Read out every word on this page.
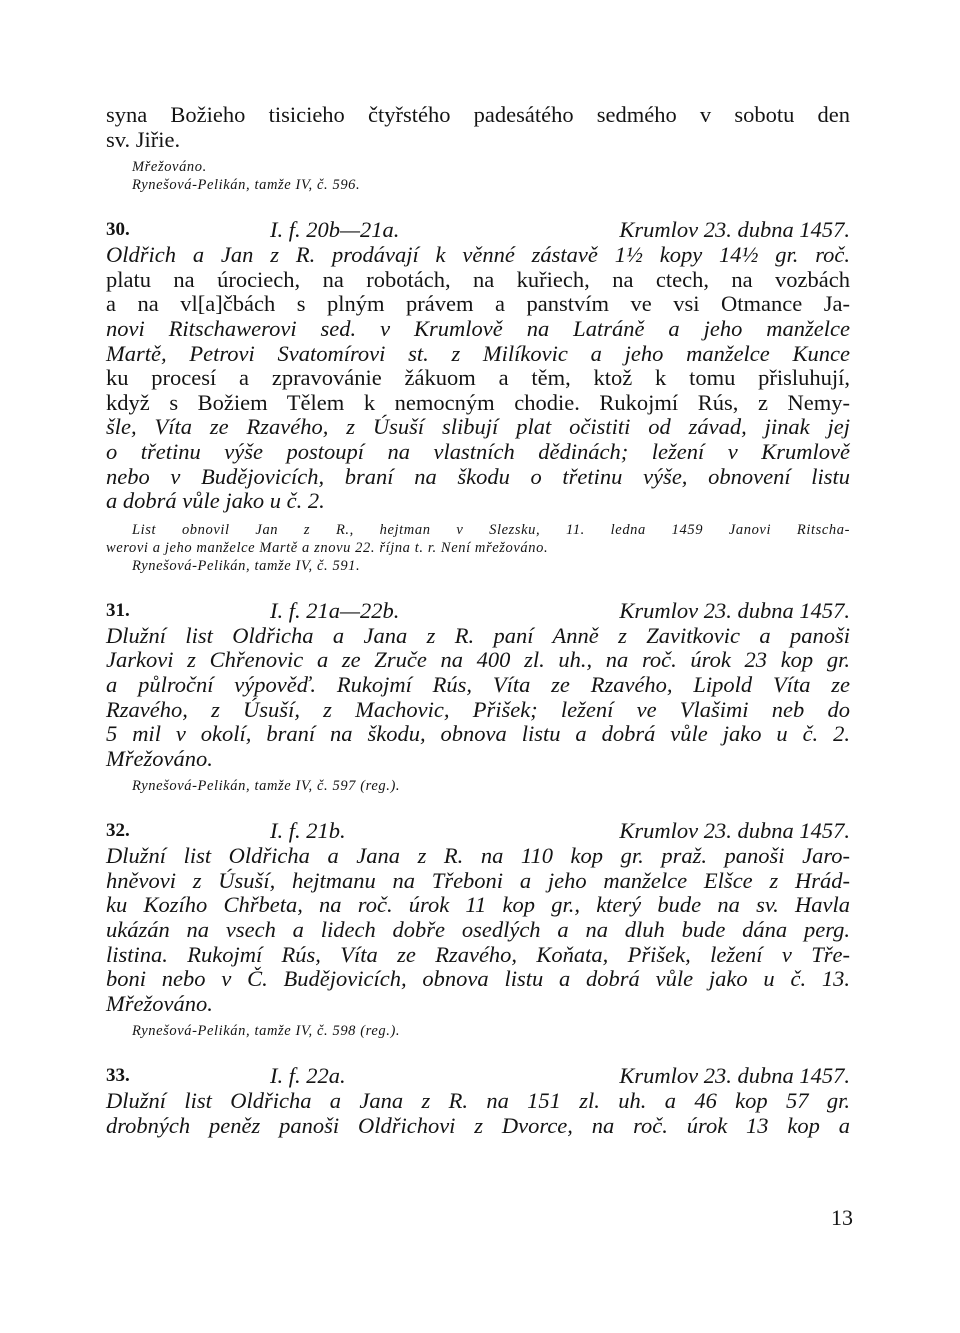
syna Božieho tisicieho čtyřstého padesátého sedmého v sobotu den
sv. Jiřie.
Mřežováno.
Rynešová-Pelikán, tamže IV, č. 596.
30.	I. f. 20b—21a.	Krumlov 23. dubna 1457.
Oldřich a Jan z R. prodávají k věnné zástavě 1½ kopy 14½ gr. roč.
platu na úrociech, na robotách, na kuřiech, na ctech, na vozbách
a na vl[a]čbách s plným právem a panstvím ve vsi Otmance Ja-
novi Ritschawerovi sed. v Krumlově na Latráně a jeho manželce
Martě, Petrovi Svatomírovi st. z Milíkovic a jeho manželce Kunce
ku procesí a zpravovánie žákuom a těm, ktož k tomu přisluhují,
když s Božiem Tělem k nemocným chodie. Rukojmí Rús, z Nemy-
šle, Víta ze Rzavého, z Úsuší slibují plat očistiti od závad, jinak jej
o třetinu výše postoupí na vlastních dědinách; ležení v Krumlově
nebo v Budějovicích, braní na škodu o třetinu výše, obnovení listu
a dobrá vůle jako u č. 2.
List obnovil Jan z R., hejtman v Slezsku, 11. ledna 1459 Janovi Ritscha-
werovi a jeho manželce Martě a znovu 22. října t. r. Není mřežováno.
Rynešová-Pelikán, tamže IV, č. 591.
31.	I. f. 21a—22b.	Krumlov 23. dubna 1457.
Dlužní list Oldřicha a Jana z R. paní Anně z Zavitkovic a panoši
Jarkovi z Chřenovic a ze Zruče na 400 zl. uh., na roč. úrok 23 kop gr.
a půlroční výpověď. Rukojmí Rús, Víta ze Rzavého, Lipold Víta ze
Rzavého, z Úsuší, z Machovic, Přišek; ležení ve Vlašimi neb do
5 mil v okolí, braní na škodu, obnova listu a dobrá vůle jako u č. 2.
Mřežováno.
Rynešová-Pelikán, tamže IV, č. 597 (reg.).
32.	I. f. 21b.	Krumlov 23. dubna 1457.
Dlužní list Oldřicha a Jana z R. na 110 kop gr. praž. panoši Jaro-
hněvovi z Úsuší, hejtmanu na Třeboni a jeho manželce Elšce z Hrád-
ku Kozího Chřbeta, na roč. úrok 11 kop gr., který bude na sv. Havla
ukázán na vsech a lidech dobře osedlých a na dluh bude dána perg.
listina. Rukojmí Rús, Víta ze Rzavého, Koňata, Přišek, ležení v Tře-
boni nebo v Č. Budějovicích, obnova listu a dobrá vůle jako u č. 13.
Mřežováno.
Rynešová-Pelikán, tamže IV, č. 598 (reg.).
33.	I. f. 22a.	Krumlov 23. dubna 1457.
Dlužní list Oldřicha a Jana z R. na 151 zl. uh. a 46 kop 57 gr.
drobných peněz panoši Oldřichovi z Dvorce, na roč. úrok 13 kop a
13
